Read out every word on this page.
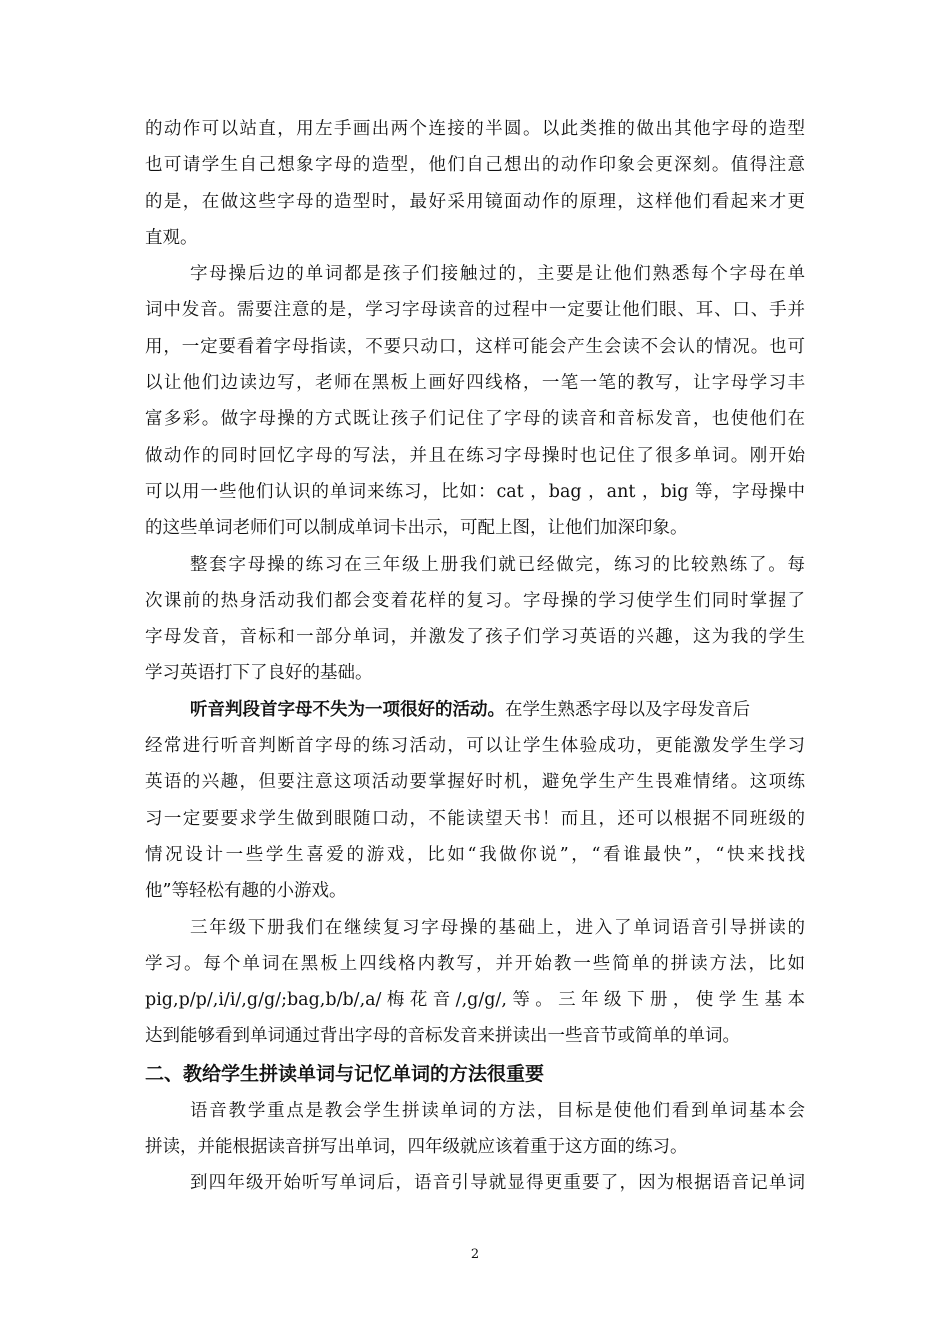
的动作可以站直，用左手画出两个连接的半圆。以此类推的做出其他字母的造型
也可请学生自己想象字母的造型，他们自己想出的动作印象会更深刻。值得注意
的是，在做这些字母的造型时，最好采用镜面动作的原理，这样他们看起来才更
直观。
字母操后边的单词都是孩子们接触过的，主要是让他们熟悉每个字母在单
词中发音。需要注意的是，学习字母读音的过程中一定要让他们眼、耳、口、手并
用，一定要看着字母指读，不要只动口，这样可能会产生会读不会认的情况。也可
以让他们边读边写，老师在黑板上画好四线格，一笔一笔的教写，让字母学习丰
富多彩。做字母操的方式既让孩子们记住了字母的读音和音标发音，也使他们在
做动作的同时回忆字母的写法，并且在练习字母操时也记住了很多单词。刚开始
可以用一些他们认识的单词来练习，比如：cat ，bag ，ant ，big 等，字母操中
的这些单词老师们可以制成单词卡出示，可配上图，让他们加深印象。
整套字母操的练习在三年级上册我们就已经做完，练习的比较熟练了。每
次课前的热身活动我们都会变着花样的复习。字母操的学习使学生们同时掌握了
字母发音，音标和一部分单词，并激发了孩子们学习英语的兴趣，这为我的学生
学习英语打下了良好的基础。
听音判段首字母不失为一项很好的活动。在学生熟悉字母以及字母发音后
经常进行听音判断首字母的练习活动，可以让学生体验成功，更能激发学生学习
英语的兴趣，但要注意这项活动要掌握好时机，避免学生产生畏难情绪。这项练
习一定要要求学生做到眼随口动，不能读望天书！而且，还可以根据不同班级的
情况设计一些学生喜爱的游戏，比如“我做你说”，“看谁最快”，“快来找找
他”等轻松有趣的小游戏。
三年级下册我们在继续复习字母操的基础上，进入了单词语音引导拼读的
学习。每个单词在黑板上四线格内教写，并开始教一些简单的拼读方法，比如
pig,p/p/,i/i/,g/g/;bag,b/b/,a/梅花音/,g/g/,等。三年级下册，使学生基本
达到能够看到单词通过背出字母的音标发音来拼读出一些音节或简单的单词。
二、教给学生拼读单词与记忆单词的方法很重要
语音教学重点是教会学生拼读单词的方法，目标是使他们看到单词基本会
拼读，并能根据读音拼写出单词，四年级就应该着重于这方面的练习。
到四年级开始听写单词后，语音引导就显得更重要了，因为根据语音记单词
2
